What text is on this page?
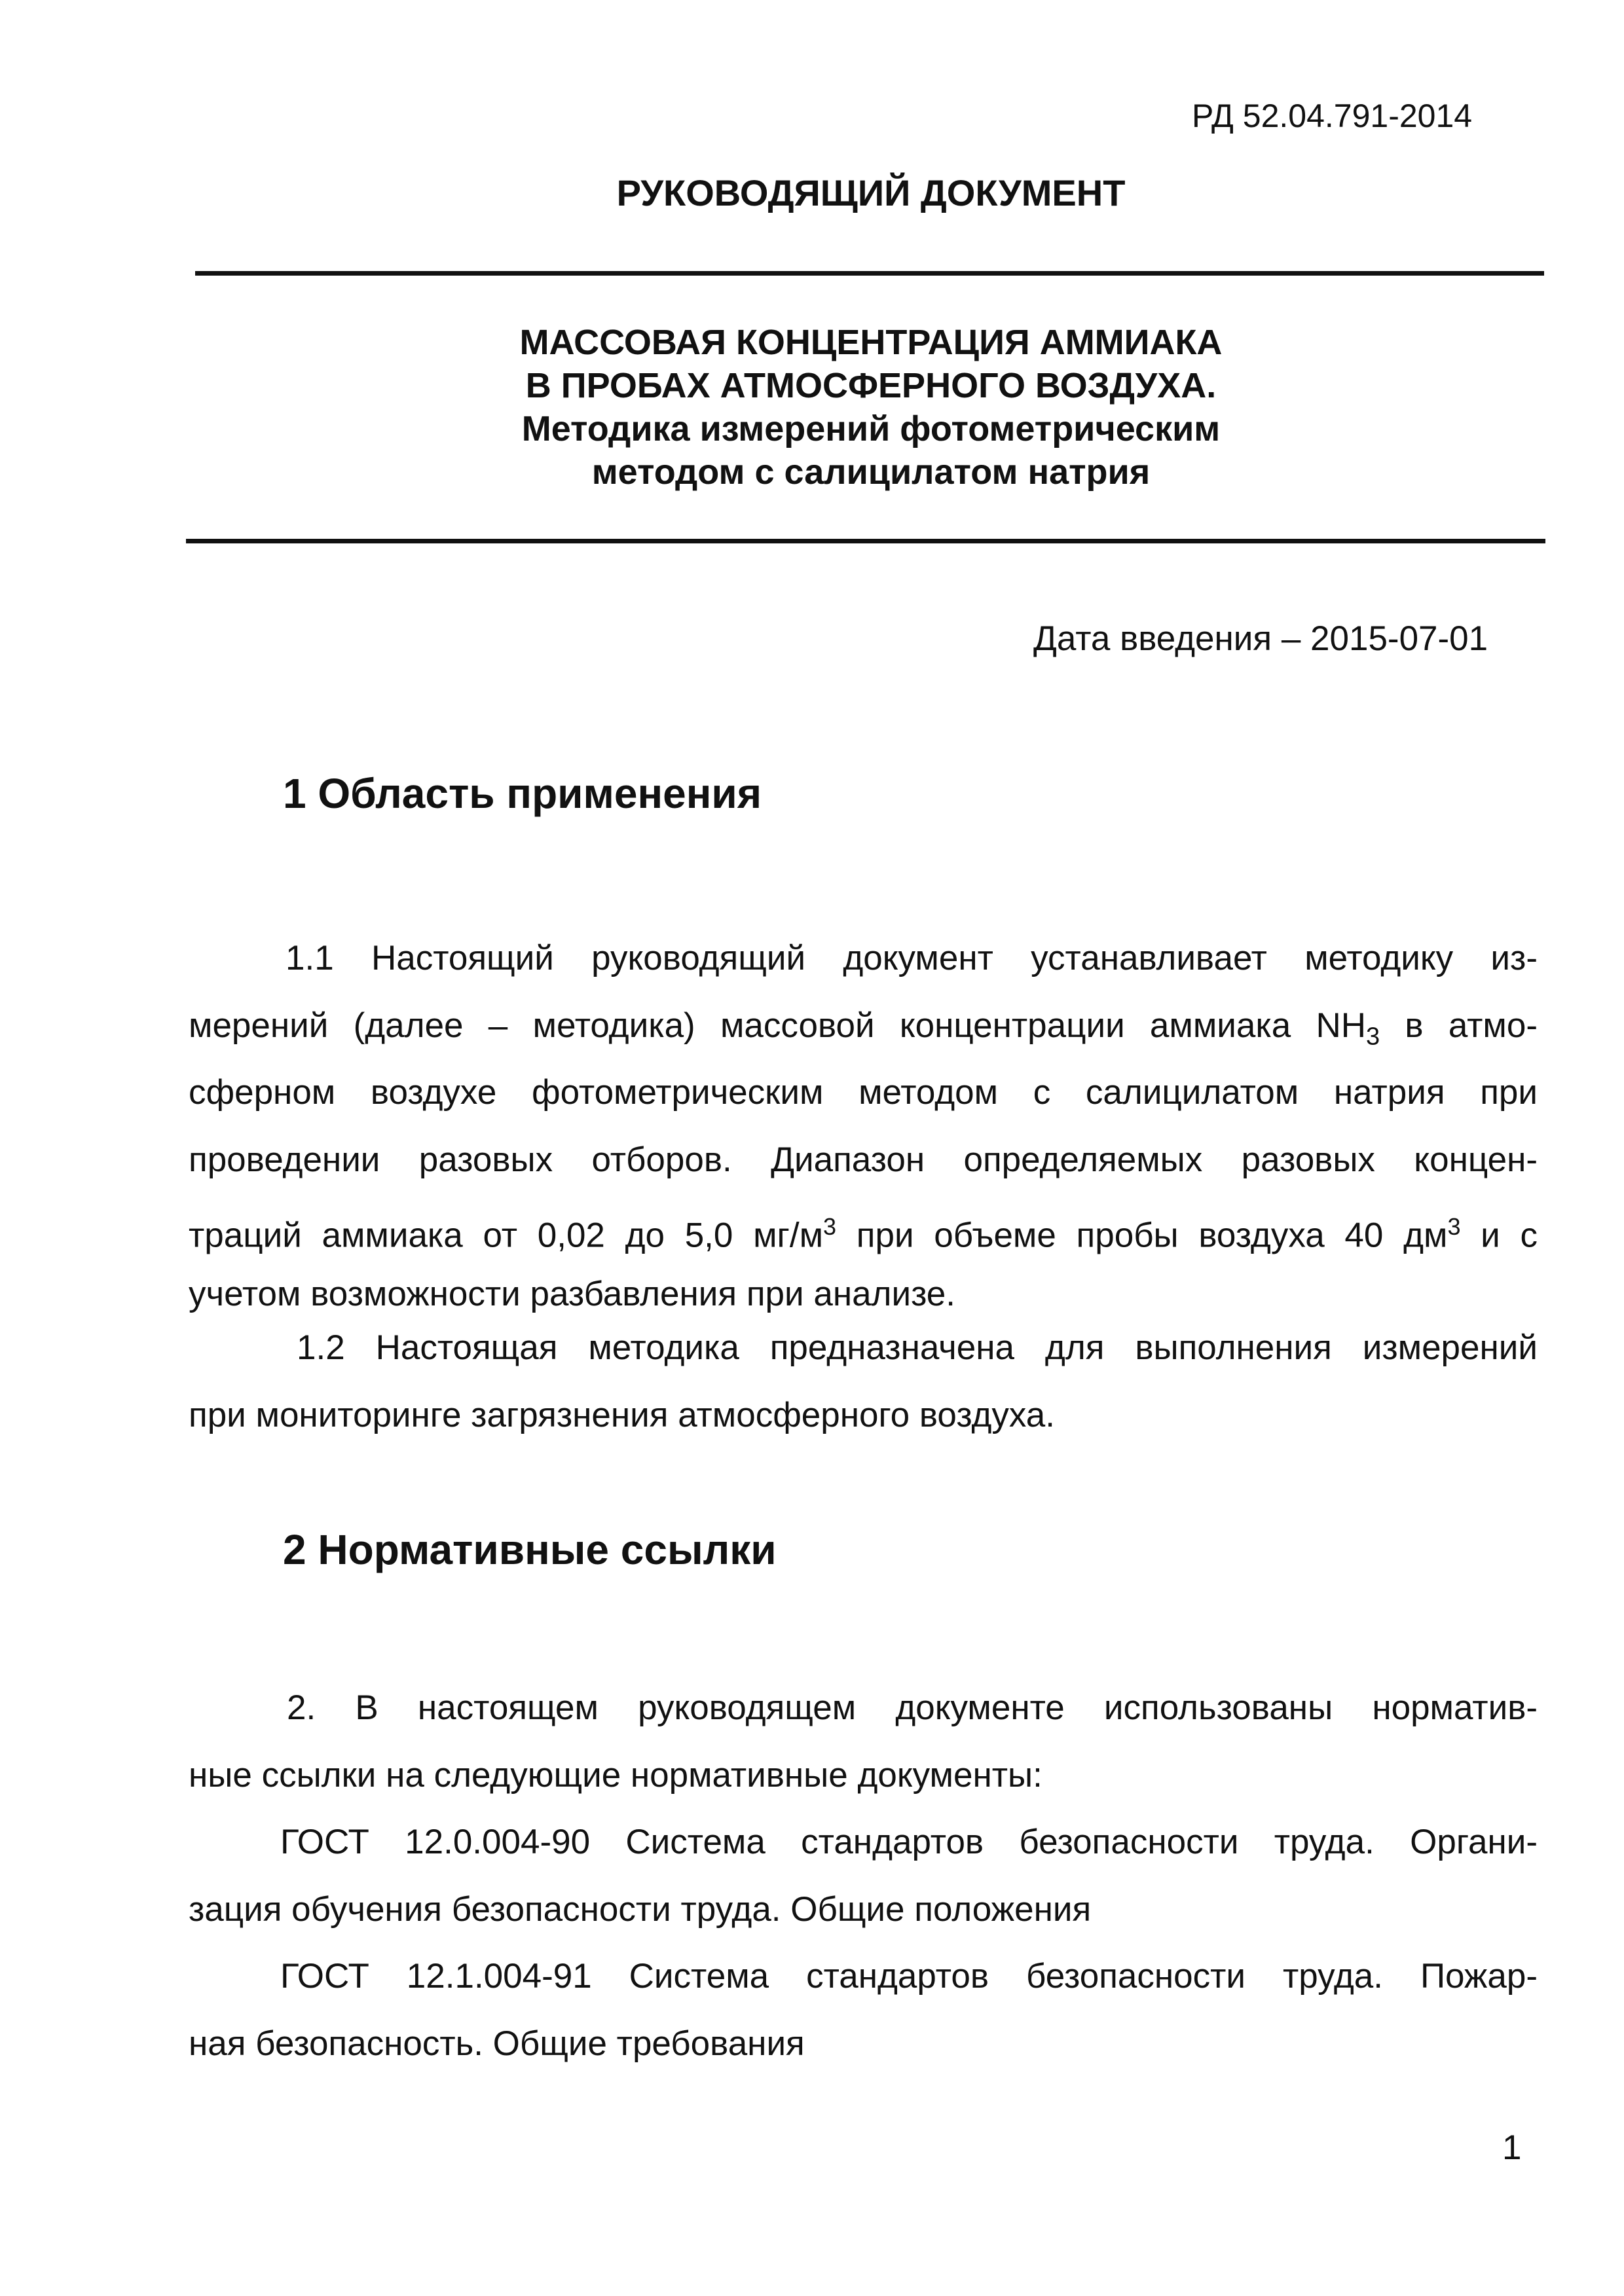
РД 52.04.791-2014
РУКОВОДЯЩИЙ ДОКУМЕНТ
МАССОВАЯ КОНЦЕНТРАЦИЯ АММИАКА
В ПРОБАХ АТМОСФЕРНОГО ВОЗДУХА.
Методика измерений фотометрическим
методом с салицилатом натрия
Дата введения – 2015-07-01
1 Область применения
1.1 Настоящий руководящий документ устанавливает методику из-
мерений (далее – методика) массовой концентрации аммиака $NH_3$ в атмо-
сферном воздухе фотометрическим методом с салицилатом натрия при
проведении разовых отборов. Диапазон определяемых разовых концен-
траций аммиака от 0,02 до 5,0 $мг/м^3$ при объеме пробы воздуха 40 $дм^3$ и с
учетом возможности разбавления при анализе.
1.2 Настоящая методика предназначена для выполнения измерений
при мониторинге загрязнения атмосферного воздуха.
2 Нормативные ссылки
2. В настоящем руководящем документе использованы норматив-
ные ссылки на следующие нормативные документы:
ГОСТ 12.0.004-90 Система стандартов безопасности труда. Органи-
зация обучения безопасности труда. Общие положения
ГОСТ 12.1.004-91 Система стандартов безопасности труда. Пожар-
ная безопасность. Общие требования
1
